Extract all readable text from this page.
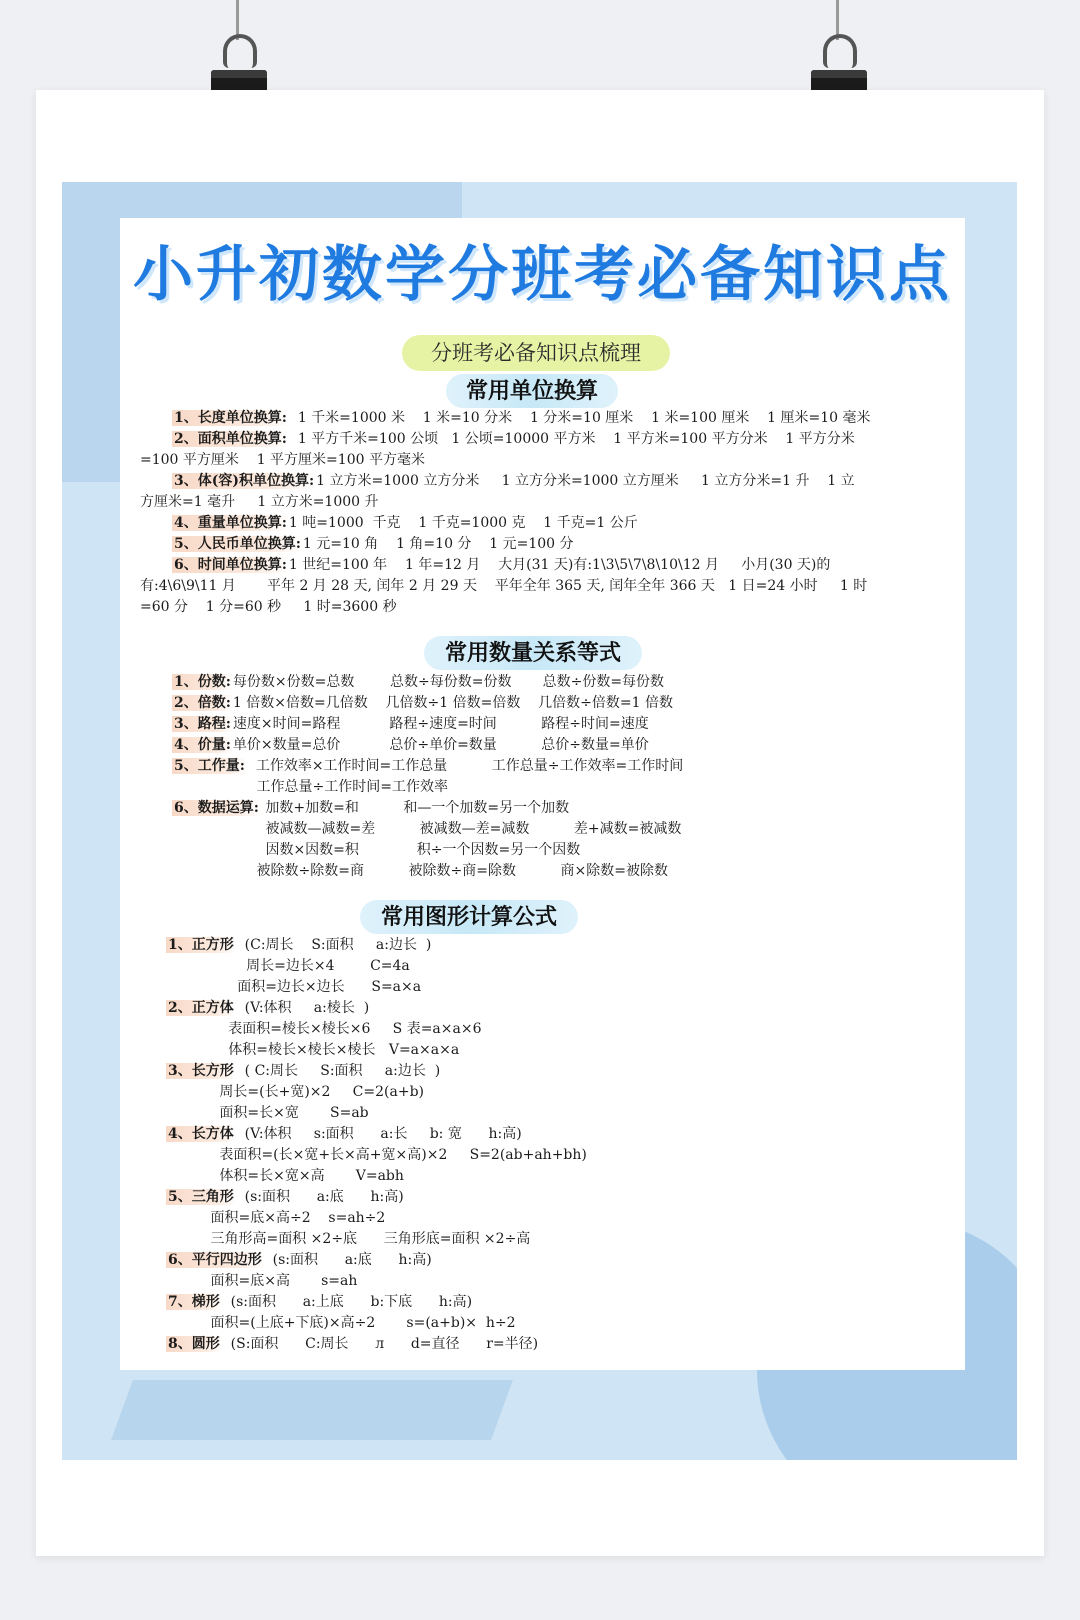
小升初数学分班考必备知识点
分班考必备知识点梳理
常用单位换算
1、长度单位换算:  1 千米=1000 米    1 米=10 分米    1 分米=10 厘米    1 米=100 厘米    1 厘米=10 毫米
2、面积单位换算:  1 平方千米=100 公顷   1 公顷=10000 平方米    1 平方米=100 平方分米    1 平方分米
=100 平方厘米    1 平方厘米=100 平方毫米
3、体(容)积单位换算: 1 立方米=1000 立方分米     1 立方分米=1000 立方厘米     1 立方分米=1 升    1 立
方厘米=1 毫升     1 立方米=1000 升
4、重量单位换算: 1 吨=1000  千克    1 千克=1000 克    1 千克=1 公斤
5、人民币单位换算: 1 元=10 角    1 角=10 分    1 元=100 分
6、时间单位换算: 1 世纪=100 年    1 年=12 月    大月(31 天)有:1\3\5\7\8\10\12 月     小月(30 天)的
有:4\6\9\11 月       平年 2 月 28 天, 闰年 2 月 29 天    平年全年 365 天, 闰年全年 366 天   1 日=24 小时     1 时
=60 分    1 分=60 秒     1 时=3600 秒
常用数量关系等式
1、份数: 每份数×份数=总数        总数÷每份数=份数       总数÷份数=每份数
2、倍数: 1 倍数×倍数=几倍数    几倍数÷1 倍数=倍数    几倍数÷倍数=1 倍数
3、路程: 速度×时间=路程           路程÷速度=时间          路程÷时间=速度
4、价量: 单价×数量=总价           总价÷单价=数量          总价÷数量=单价
5、工作量:  工作效率×工作时间=工作总量          工作总量÷工作效率=工作时间
工作总量÷工作时间=工作效率
6、数据运算: 加数+加数=和          和—一个加数=另一个加数
被减数—减数=差          被减数—差=减数          差+减数=被减数
因数×因数=积             积÷一个因数=另一个因数
被除数÷除数=商          被除数÷商=除数          商×除数=被除数
常用图形计算公式
1、正方形  (C:周长    S:面积     a:边长  )
周长=边长×4        C=4a
面积=边长×边长      S=a×a
2、正方体  (V:体积     a:棱长  )
表面积=棱长×棱长×6     S 表=a×a×6
体积=棱长×棱长×棱长   V=a×a×a
3、长方形  ( C:周长     S:面积     a:边长  )
周长=(长+宽)×2     C=2(a+b)
面积=长×宽       S=ab
4、长方体  (V:体积     s:面积      a:长     b: 宽      h:高)
表面积=(长×宽+长×高+宽×高)×2     S=2(ab+ah+bh)
体积=长×宽×高       V=abh
5、三角形  (s:面积      a:底      h:高)
面积=底×高÷2    s=ah÷2
三角形高=面积 ×2÷底      三角形底=面积 ×2÷高
6、平行四边形  (s:面积      a:底      h:高)
面积=底×高       s=ah
7、梯形  (s:面积      a:上底      b:下底      h:高)
面积=(上底+下底)×高÷2       s=(a+b)×  h÷2
8、圆形  (S:面积      C:周长      л      d=直径      r=半径)
